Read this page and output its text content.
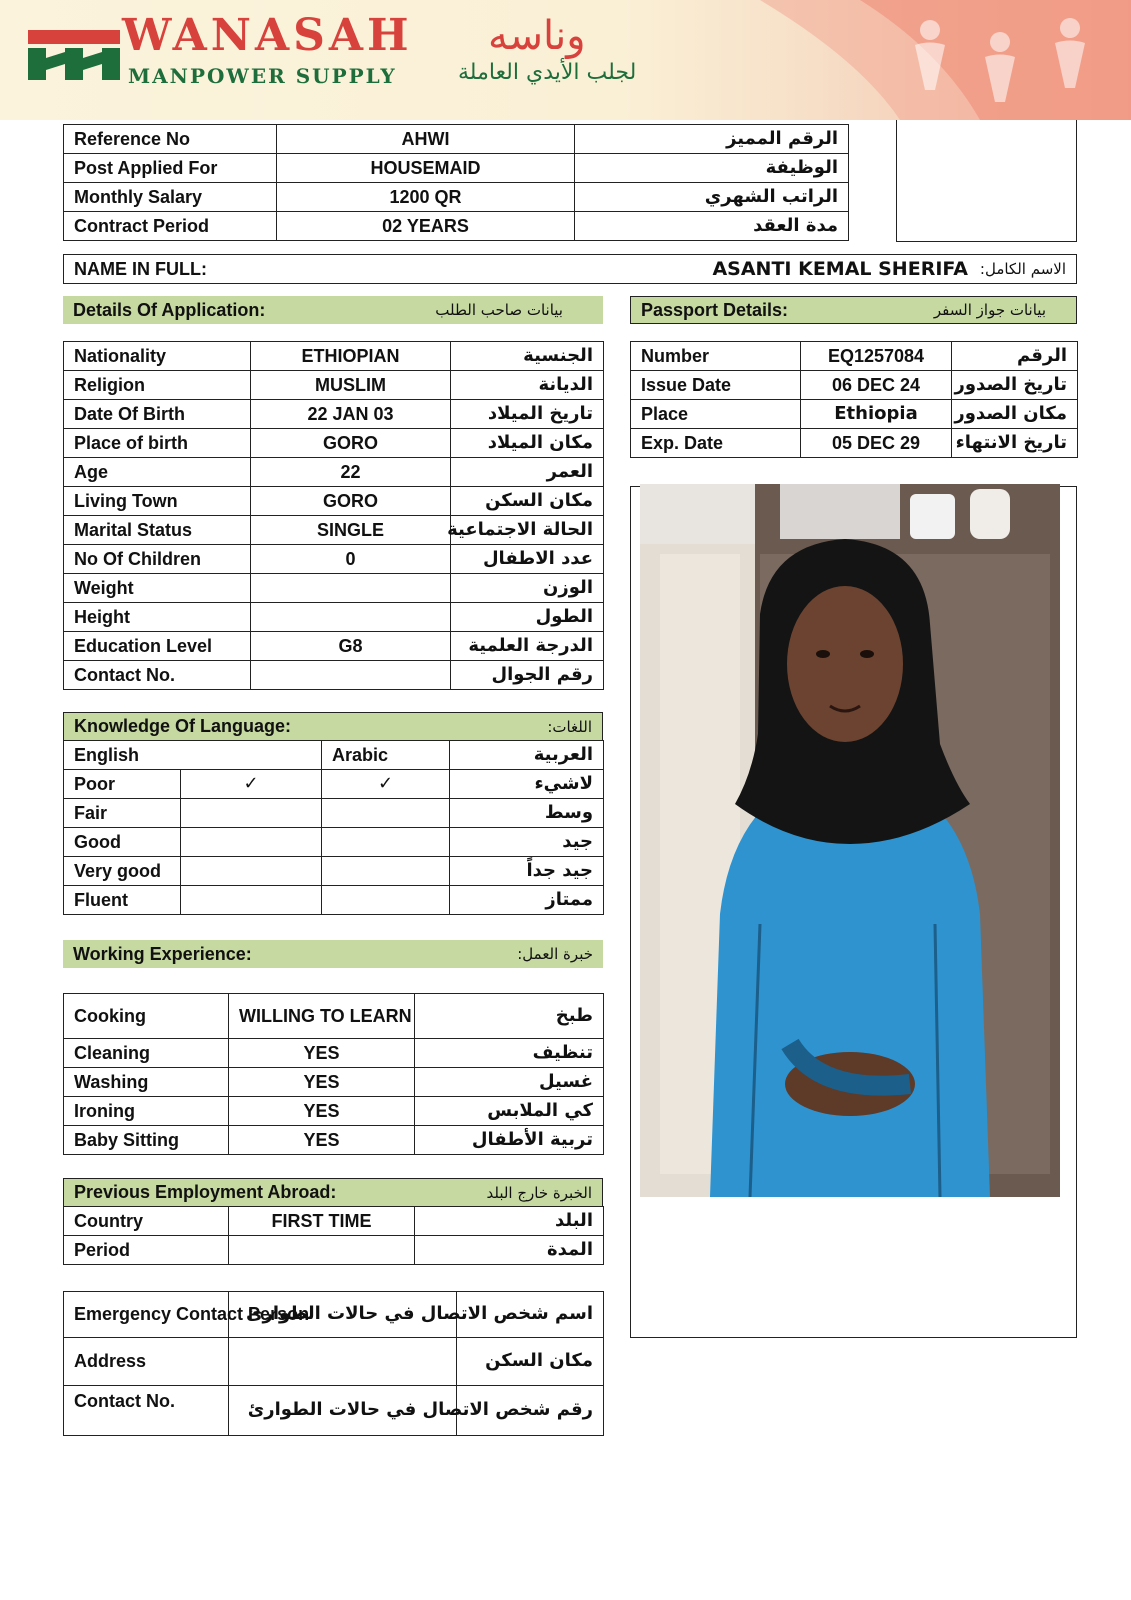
WANASAH وناسه
MANPOWER SUPPLY	لجلب الأيدي العاملة
Reference No	AHWI	الرقم المميز
Post Applied For	HOUSEMAID	الوظيفة
Monthly Salary	1200 QR	الراتب الشهري
Contract Period	02 YEARS	مدة العقد
NAME IN FULL:	ASANTI KEMAL SHERIFA الاسم الكامل:
Details Of Application:	بيانات صاحب الطلب
Nationality	ETHIOPIAN	الجنسية
Religion	MUSLIM	الديانة
Date Of Birth	22 JAN 03	تاريخ الميلاد
Place of birth	GORO	مكان الميلاد
Age	22	العمر
Living Town	GORO	مكان السكن
Marital Status	SINGLE	الحالة الاجتماعية
No Of Children	0	عدد الاطفال
Weight		الوزن
Height		الطول
Education Level	G8	الدرجة العلمية
Contact No.		رقم الجوال
Passport Details:	بيانات جواز السفر
Number	EQ1257084	الرقم
Issue Date	06 DEC 24	تاريخ الصدور
Place	Ethiopia	مكان الصدور
Exp. Date	05 DEC 29	تاريخ الانتهاء
Knowledge Of Language:	اللغات:
English		Arabic	العربية
Poor	✓	✓	لاشيء
Fair			وسط
Good			جيد
Very good			جيد جداً
Fluent			ممتاز
Working Experience:	خبرة العمل:
Cooking	WILLING TO LEARN	طبخ
Cleaning	YES	تنظيف
Washing	YES	غسيل
Ironing	YES	كي الملابس
Baby Sitting	YES	تربية الأطفال
Previous Employment Abroad:	الخبرة خارج البلد
Country	FIRST TIME	البلد
Period		المدة
Emergency Contact Person		اسم شخص الاتصال في حالات الطوارئ
Address		مكان السكن
Contact No.		رقم شخص الاتصال في حالات الطوارئ
